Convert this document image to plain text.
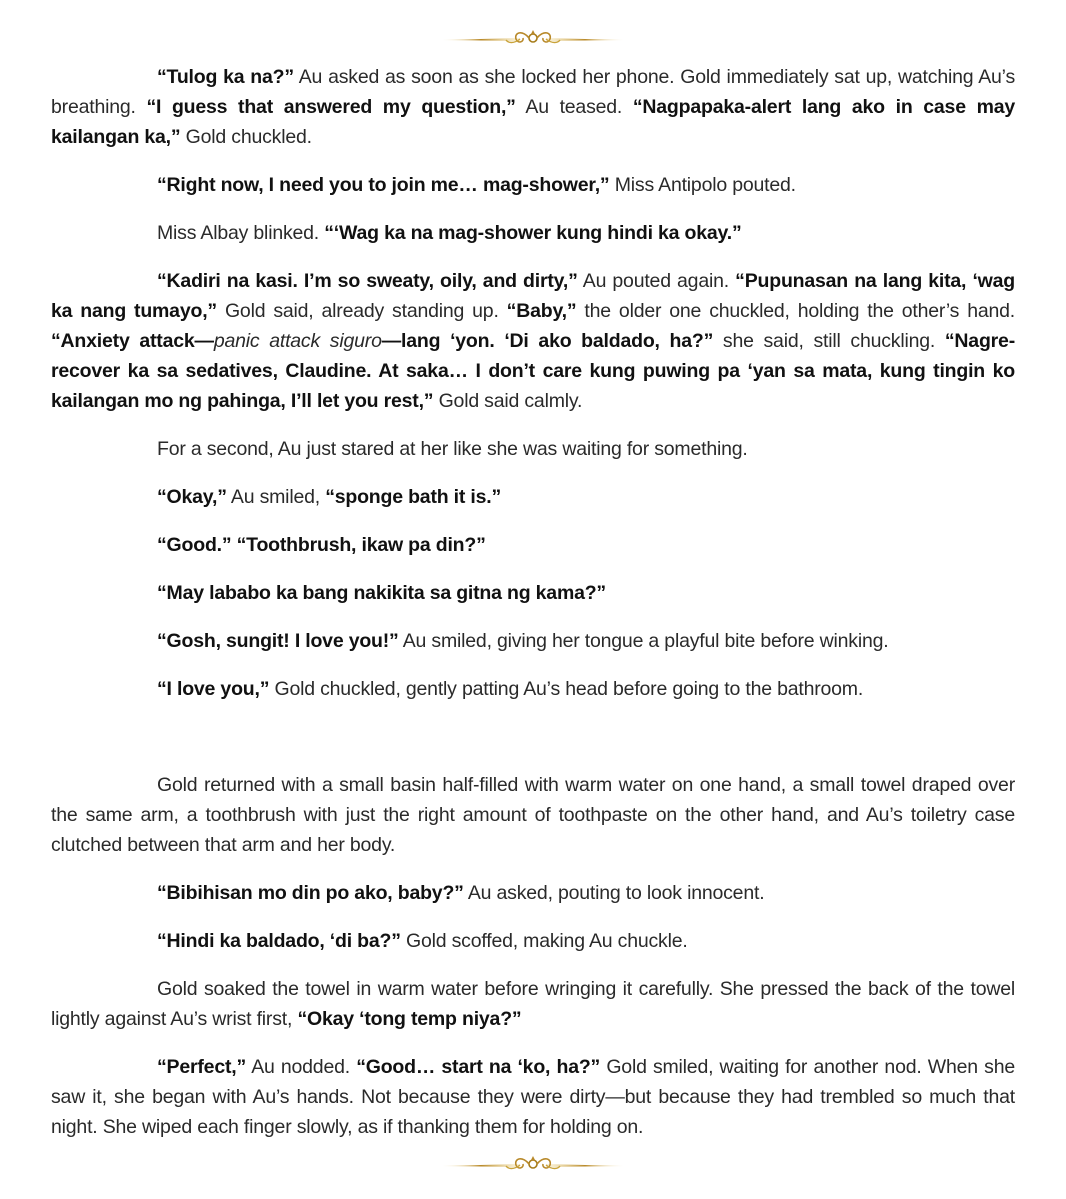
“Tulog ka na?” Au asked as soon as she locked her phone. Gold immediately sat up, watching Au’s breathing. “I guess that answered my question,” Au teased. “Nagpapaka-alert lang ako in case may kailangan ka,” Gold chuckled.

“Right now, I need you to join me… mag-shower,” Miss Antipolo pouted.

Miss Albay blinked. “‘Wag ka na mag-shower kung hindi ka okay.”

“Kadiri na kasi. I’m so sweaty, oily, and dirty,” Au pouted again. “Pupunasan na lang kita, ‘wag ka nang tumayo,” Gold said, already standing up. “Baby,” the older one chuckled, holding the other’s hand. “Anxiety attack—panic attack siguro—lang ‘yon. ‘Di ako baldado, ha?” she said, still chuckling. “Nagre-recover ka sa sedatives, Claudine. At saka… I don’t care kung puwing pa ‘yan sa mata, kung tingin ko kailangan mo ng pahinga, I’ll let you rest,” Gold said calmly.

For a second, Au just stared at her like she was waiting for something.

“Okay,” Au smiled, “sponge bath it is.”

“Good.” “Toothbrush, ikaw pa din?”

“May lababo ka bang nakikita sa gitna ng kama?”

“Gosh, sungit! I love you!” Au smiled, giving her tongue a playful bite before winking.

“I love you,” Gold chuckled, gently patting Au’s head before going to the bathroom.

Gold returned with a small basin half-filled with warm water on one hand, a small towel draped over the same arm, a toothbrush with just the right amount of toothpaste on the other hand, and Au’s toiletry case clutched between that arm and her body.

“Bibihisan mo din po ako, baby?” Au asked, pouting to look innocent.

“Hindi ka baldado, ‘di ba?” Gold scoffed, making Au chuckle.

Gold soaked the towel in warm water before wringing it carefully. She pressed the back of the towel lightly against Au’s wrist first, “Okay ‘tong temp niya?”

“Perfect,” Au nodded. “Good… start na ‘ko, ha?” Gold smiled, waiting for another nod. When she saw it, she began with Au’s hands. Not because they were dirty—but because they had trembled so much that night. She wiped each finger slowly, as if thanking them for holding on.
